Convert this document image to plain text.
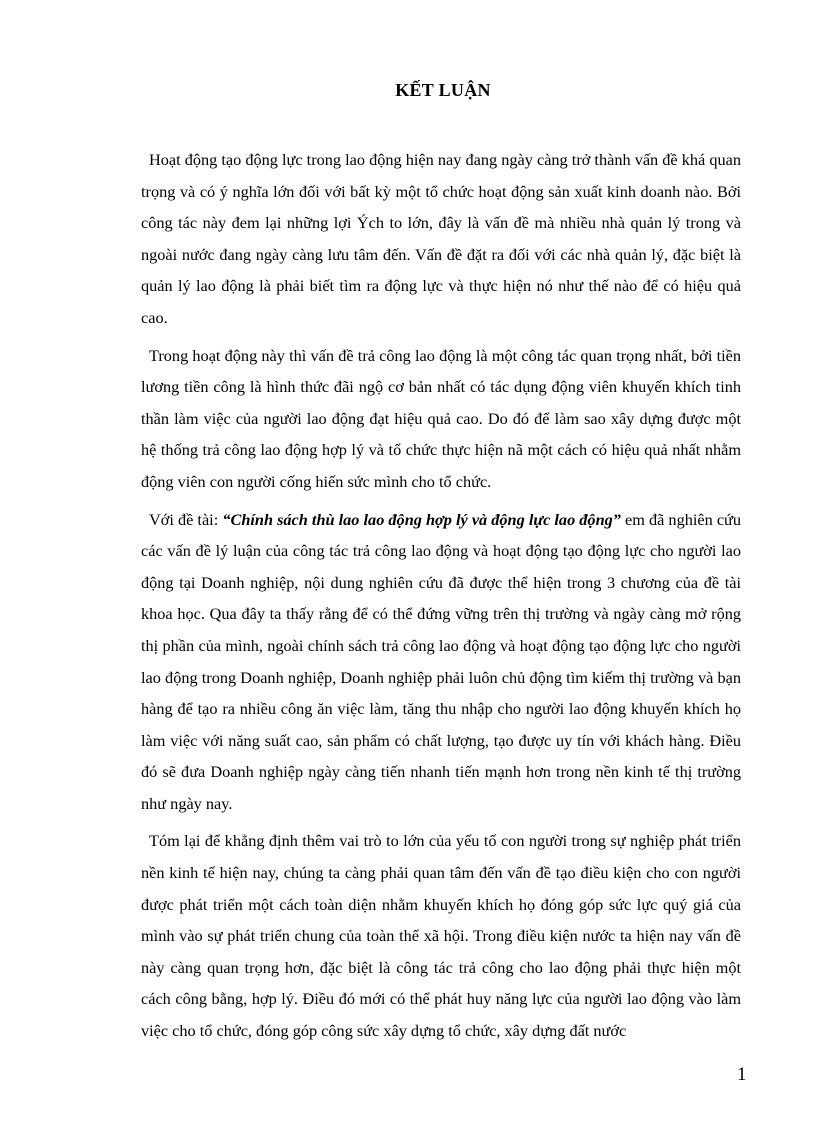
KẾT LUẬN

Hoạt động tạo động lực trong lao động hiện nay đang ngày càng trở thành vấn đề khá quan trọng và có ý nghĩa lớn đối với bất kỳ một tổ chức hoạt động sản xuất kinh doanh nào. Bởi công tác này đem lại những lợi Ých to lớn, đây là vấn đề mà nhiều nhà quản lý trong và ngoài nước đang ngày càng lưu tâm đến. Vấn đề đặt ra đối với các nhà quản lý, đặc biệt là quản lý lao động là phải biết tìm ra động lực và thực hiện nó như thế nào để có hiệu quả cao.

Trong hoạt động này thì vấn đề trả công lao động là một công tác quan trọng nhất, bởi tiền lương tiền công là hình thức đãi ngộ cơ bản nhất có tác dụng động viên khuyến khích tinh thần làm việc của người lao động đạt hiệu quả cao. Do đó để làm sao xây dựng được một hệ thống trả công lao động hợp lý và tổ chức thực hiện nã một cách có hiệu quả nhất nhằm động viên con người cống hiến sức mình cho tổ chức.

Với đề tài: “Chính sách thù lao lao động hợp lý và động lực lao động” em đã nghiên cứu các vấn đề lý luận của công tác trả công lao động và hoạt động tạo động lực cho người lao động tại Doanh nghiệp, nội dung nghiên cứu đã được thể hiện trong 3 chương của đề tài khoa học. Qua đây ta thấy rằng để có thể đứng vững trên thị trường và ngày càng mở rộng thị phần của mình, ngoài chính sách trả công lao động và hoạt động tạo động lực cho người lao động trong Doanh nghiệp, Doanh nghiệp phải luôn chủ động tìm kiếm thị trường và bạn hàng để tạo ra nhiều công ăn việc làm, tăng thu nhập cho người lao động khuyến khích họ làm việc với năng suất cao, sản phẩm có chất lượng, tạo được uy tín với khách hàng. Điều đó sẽ đưa Doanh nghiệp ngày càng tiến nhanh tiến mạnh hơn trong nền kinh tế thị trường như ngày nay.

Tóm lại để khẳng định thêm vai trò to lớn của yếu tố con người trong sự nghiệp phát triển nền kinh tế hiện nay, chúng ta càng phải quan tâm đến vấn đề tạo điều kiện cho con người được phát triển một cách toàn diện nhằm khuyến khích họ đóng góp sức lực quý giá của mình vào sự phát triển chung của toàn thể xã hội. Trong điều kiện nước ta hiện nay vấn đề này càng quan trọng hơn, đặc biệt là công tác trả công cho lao động phải thực hiện một cách công bằng, hợp lý. Điều đó mới có thể phát huy năng lực của người lao động vào làm việc cho tổ chức, đóng góp công sức xây dựng tổ chức, xây dựng đất nước

1
